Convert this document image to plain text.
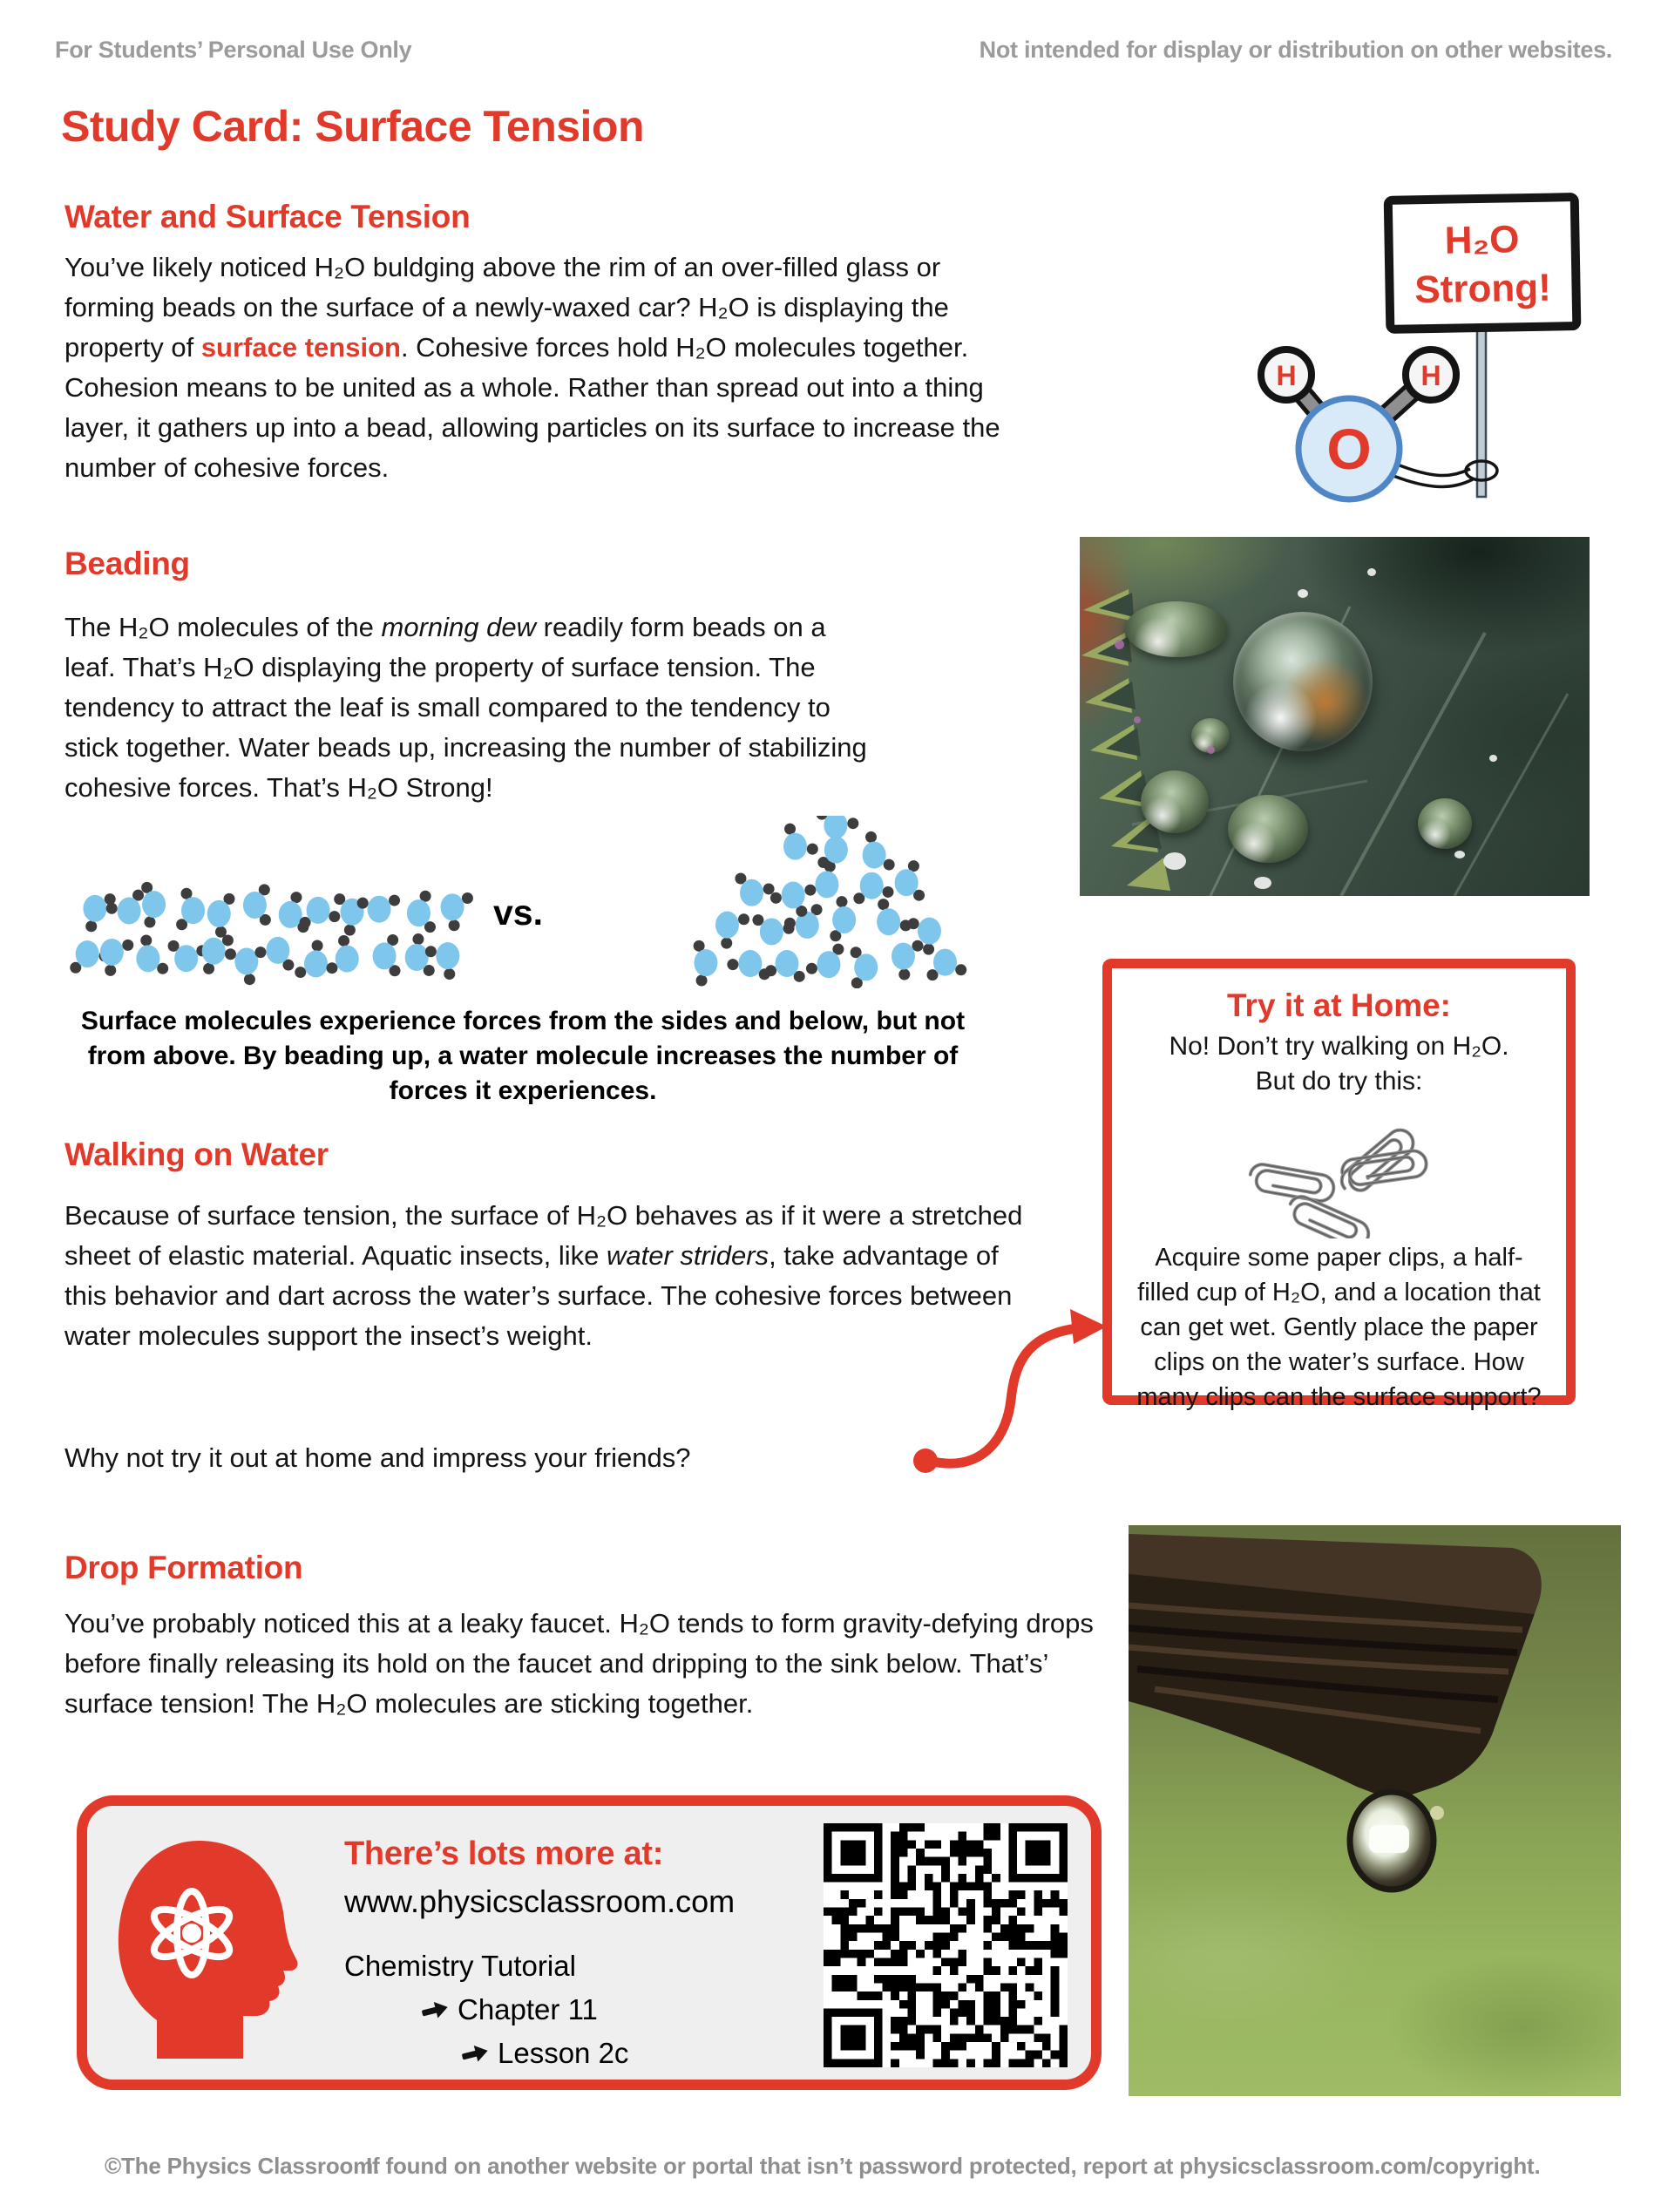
For Students’ Personal Use Only	Not intended for display or distribution on other websites.
Study Card: Surface Tension
Water and Surface Tension
You’ve likely noticed H₂O buldging above the rim of an over-filled glass or forming beads on the surface of a newly-waxed car? H₂O is displaying the property of surface tension. Cohesive forces hold H₂O molecules together. Cohesion means to be united as a whole. Rather than spread out into a thing layer, it gathers up into a bead, allowing particles on its surface to increase the number of cohesive forces.
H₂O
Strong!
O
H	H
Beading
The H₂O molecules of the morning dew readily form beads on a leaf. That’s H₂O displaying the property of surface tension. The tendency to attract the leaf is small compared to the tendency to stick together. Water beads up, increasing the number of stabilizing cohesive forces. That’s H₂O Strong!
vs.
Surface molecules experience forces from the sides and below, but not from above. By beading up, a water molecule increases the number of forces it experiences.
Walking on Water
Because of surface tension, the surface of H₂O behaves as if it were a stretched sheet of elastic material. Aquatic insects, like water striders, take advantage of this behavior and dart across the water’s surface. The cohesive forces between water molecules support the insect’s weight.
Why not try it out at home and impress your friends?
Try it at Home:
No! Don’t try walking on H₂O.
But do try this:
Acquire some paper clips, a half-filled cup of H₂O, and a location that can get wet. Gently place the paper clips on the water’s surface. How many clips can the surface support?
Drop Formation
You’ve probably noticed this at a leaky faucet. H₂O tends to form gravity-defying drops before finally releasing its hold on the faucet and dripping to the sink below. That’s’ surface tension! The H₂O molecules are sticking together.
There’s lots more at:
www.physicsclassroom.com
Chemistry Tutorial
Chapter 11
Lesson 2c
©The Physics Classroom.
If found on another website or portal that isn’t password protected, report at physicsclassroom.com/copyright.
